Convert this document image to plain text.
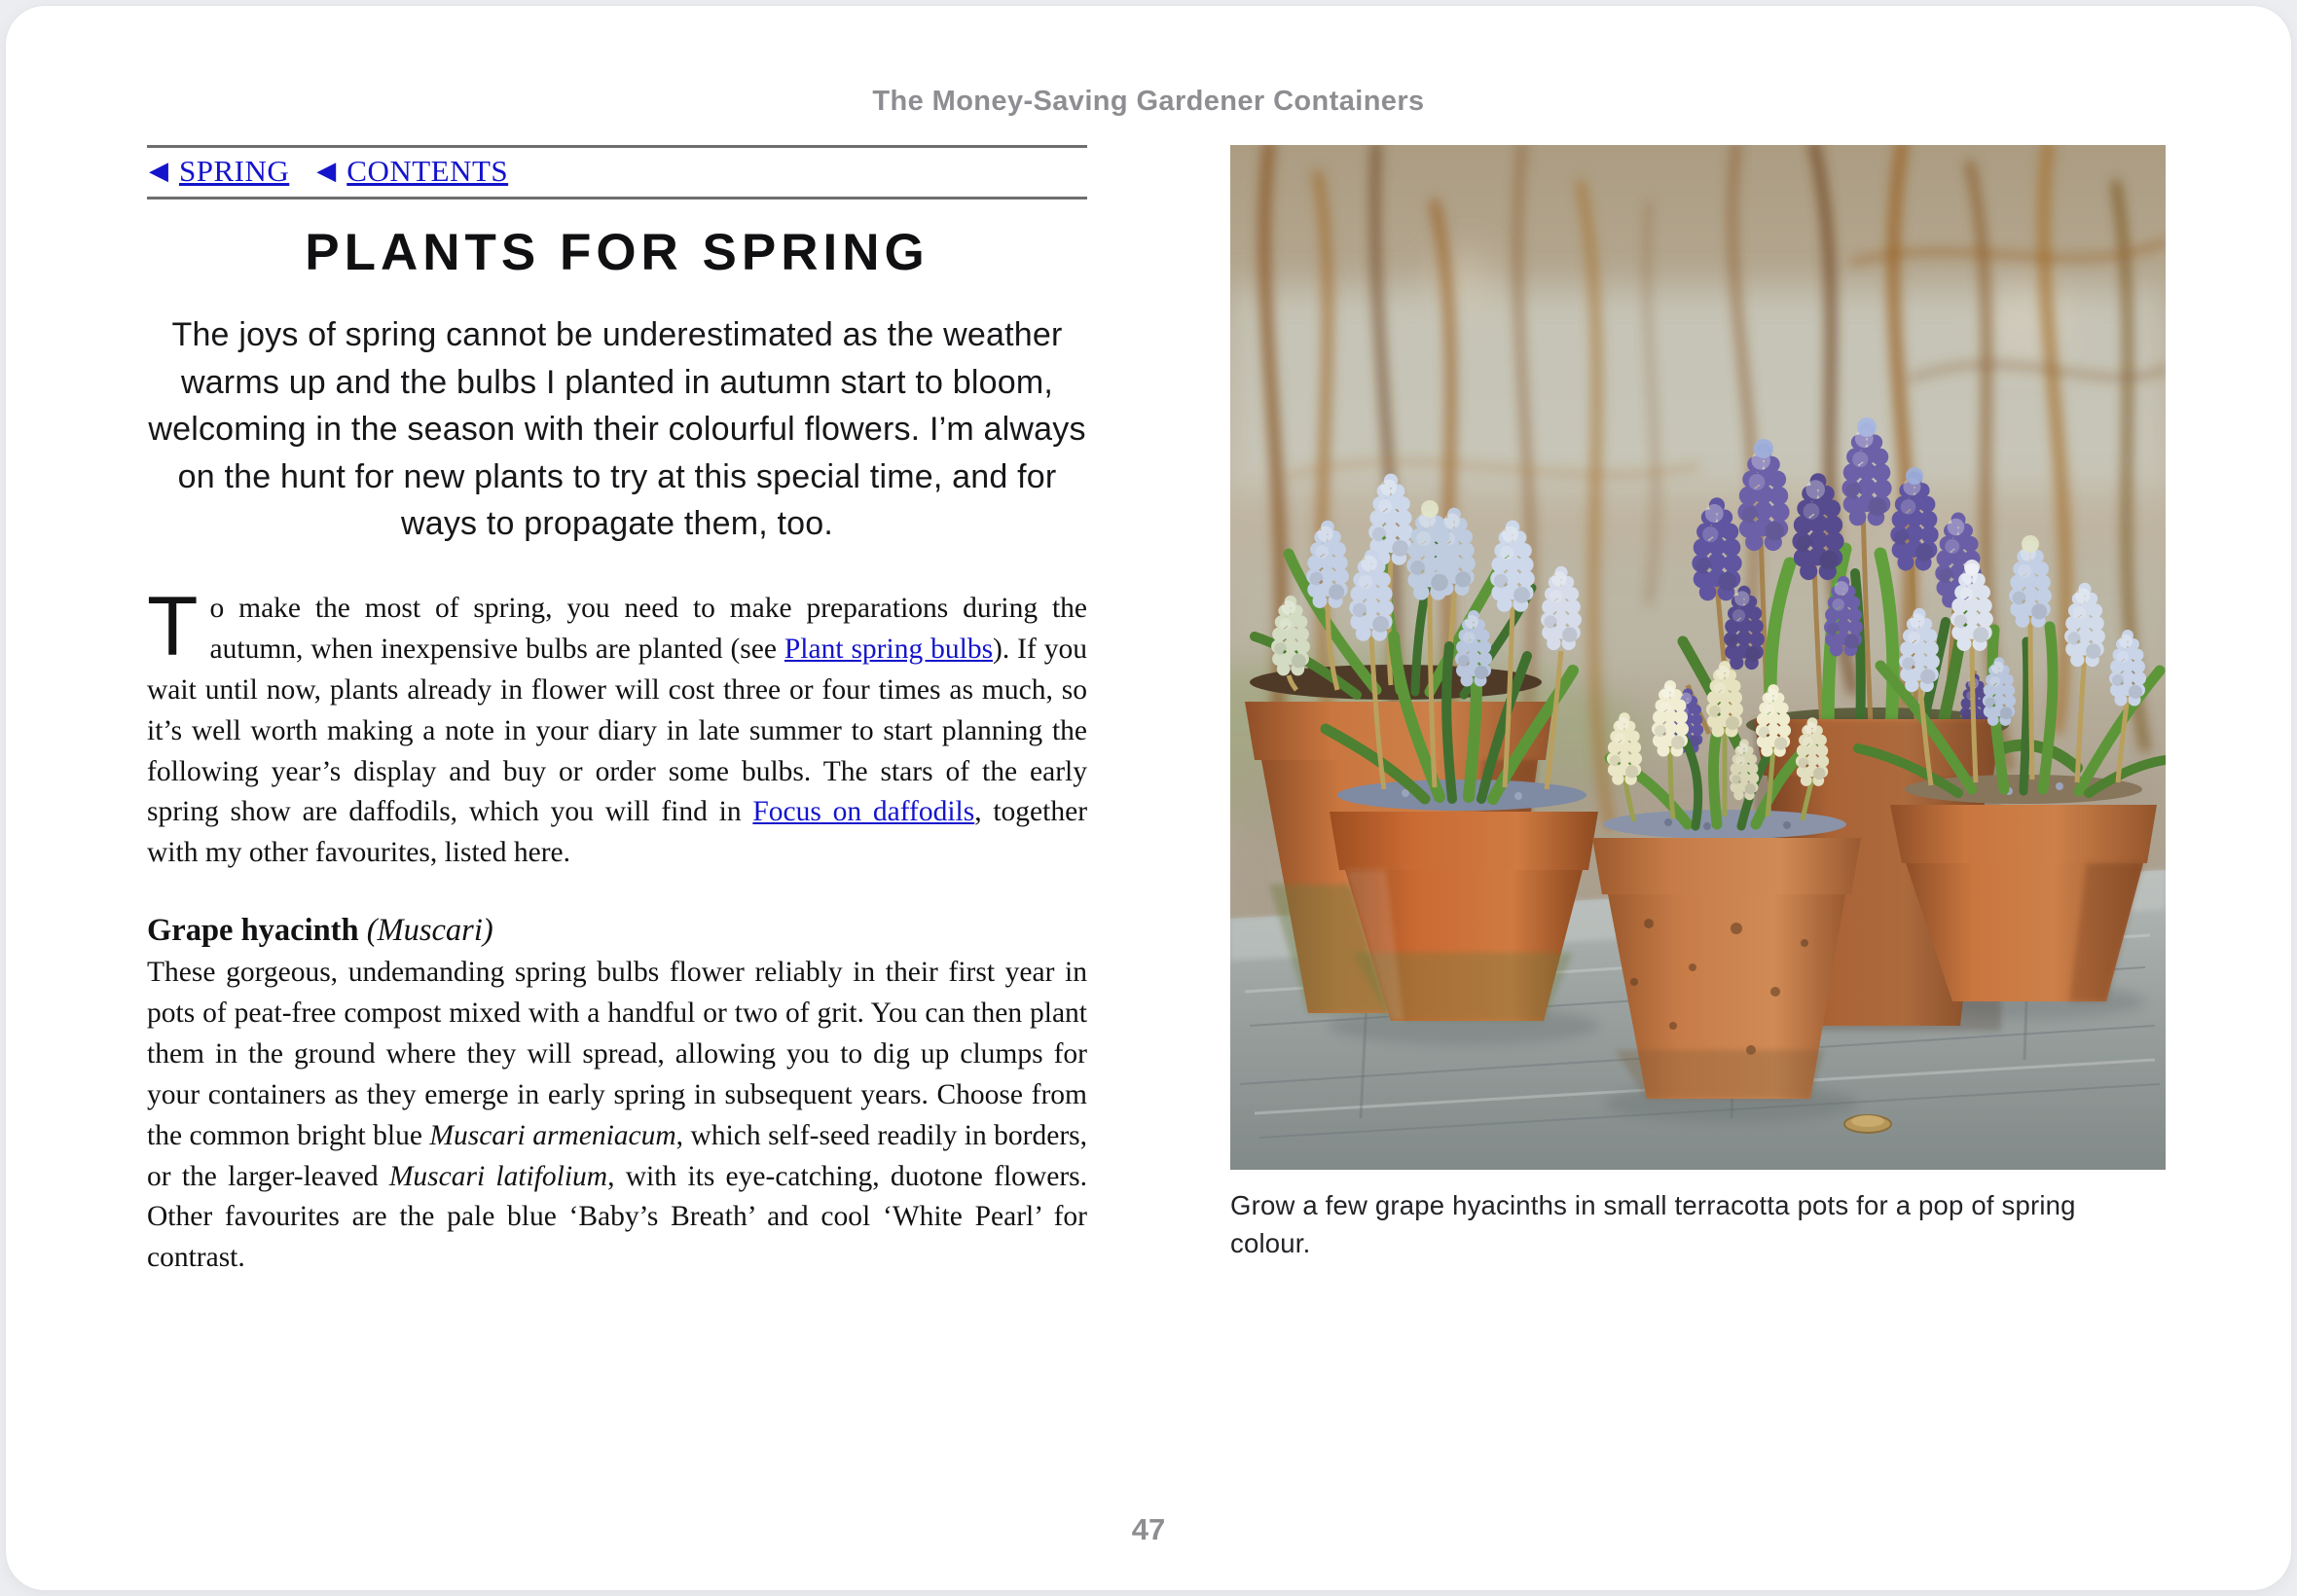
The Money-Saving Gardener Containers
◀ SPRING ◀ CONTENTS
PLANTS FOR SPRING
The joys of spring cannot be underestimated as the weather warms up and the bulbs I planted in autumn start to bloom, welcoming in the season with their colourful flowers. I’m always on the hunt for new plants to try at this special time, and for ways to propagate them, too.

To make the most of spring, you need to make preparations during the autumn, when inexpensive bulbs are planted (see Plant spring bulbs). If you wait until now, plants already in flower will cost three or four times as much, so it’s well worth making a note in your diary in late summer to start planning the following year’s display and buy or order some bulbs. The stars of the early spring show are daffodils, which you will find in Focus on daffodils, together with my other favourites, listed here.

Grape hyacinth (Muscari)

These gorgeous, undemanding spring bulbs flower reliably in their first year in pots of peat-free compost mixed with a handful or two of grit. You can then plant them in the ground where they will spread, allowing you to dig up clumps for your containers as they emerge in early spring in subsequent years. Choose from the common bright blue Muscari armeniacum, which self-seed readily in borders, or the larger-leaved Muscari latifolium, with its eye-catching, duotone flowers. Other favourites are the pale blue ‘Baby’s Breath’ and cool ‘White Pearl’ for contrast.

Grow a few grape hyacinths in small terracotta pots for a pop of spring colour.
47
